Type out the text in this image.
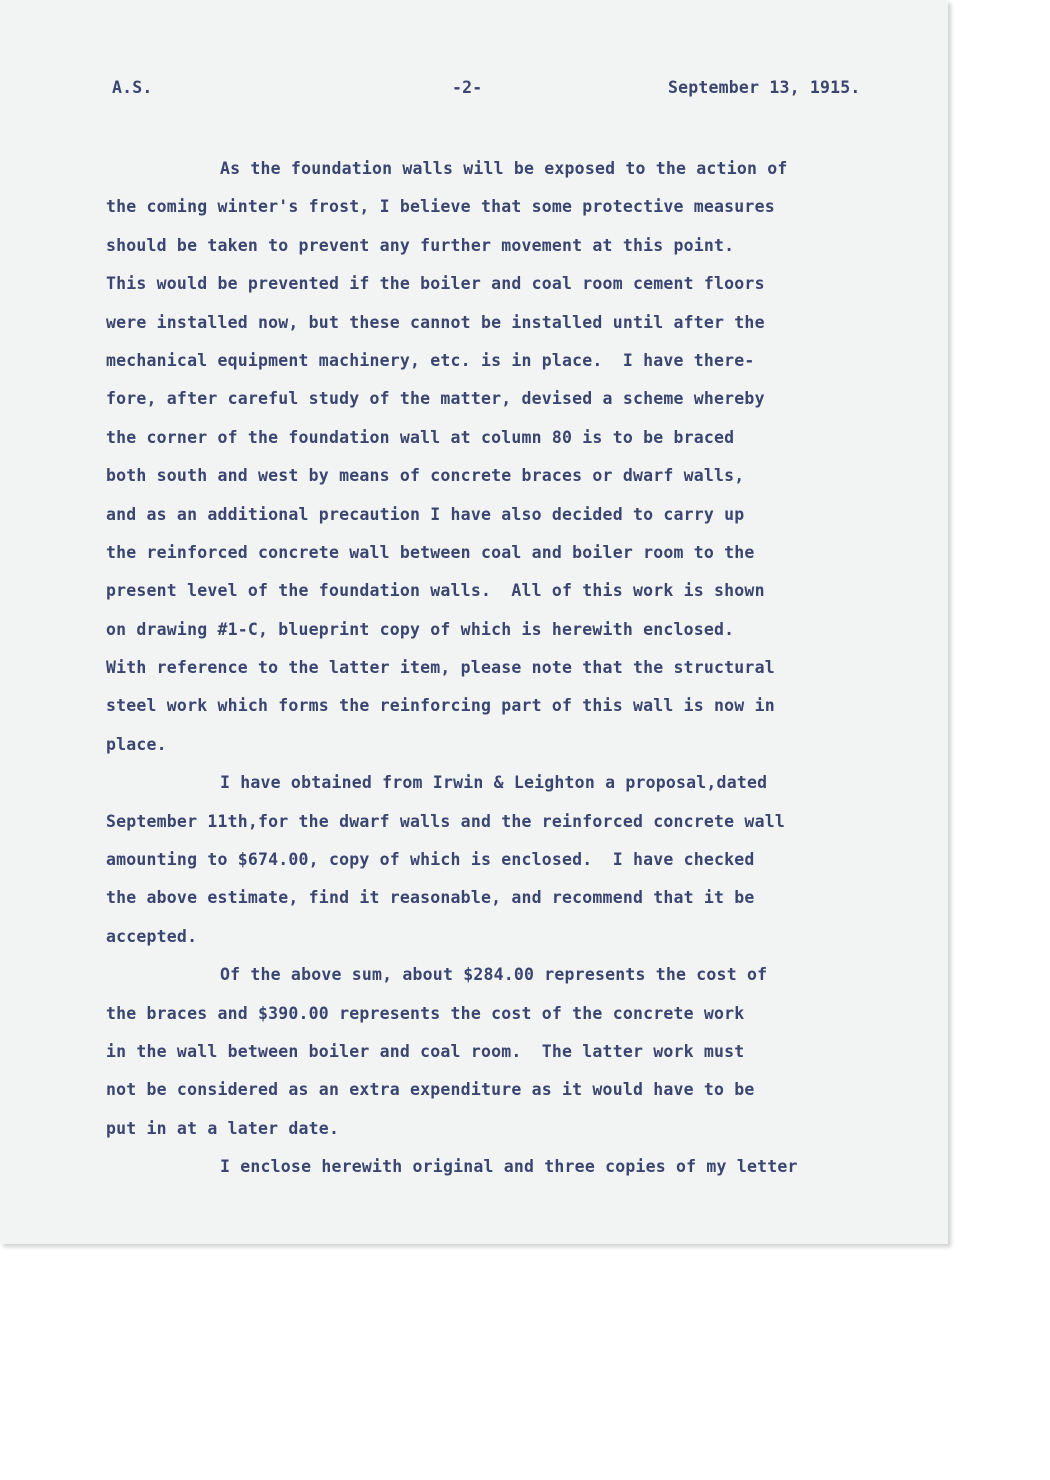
A.S.	-2-	September 13, 1915.
As the foundation walls will be exposed to the action of
the coming winter's frost, I believe that some protective measures
should be taken to prevent any further movement at this point.
This would be prevented if the boiler and coal room cement floors
were installed now, but these cannot be installed until after the
mechanical equipment machinery, etc. is in place.  I have there-
fore, after careful study of the matter, devised a scheme whereby
the corner of the foundation wall at column 80 is to be braced
both south and west by means of concrete braces or dwarf walls,
and as an additional precaution I have also decided to carry up
the reinforced concrete wall between coal and boiler room to the
present level of the foundation walls.  All of this work is shown
on drawing #1-C, blueprint copy of which is herewith enclosed.
With reference to the latter item, please note that the structural
steel work which forms the reinforcing part of this wall is now in
place.
I have obtained from Irwin & Leighton a proposal,dated
September 11th,for the dwarf walls and the reinforced concrete wall
amounting to $674.00, copy of which is enclosed.  I have checked
the above estimate, find it reasonable, and recommend that it be
accepted.
Of the above sum, about $284.00 represents the cost of
the braces and $390.00 represents the cost of the concrete work
in the wall between boiler and coal room.  The latter work must
not be considered as an extra expenditure as it would have to be
put in at a later date.
I enclose herewith original and three copies of my letter
